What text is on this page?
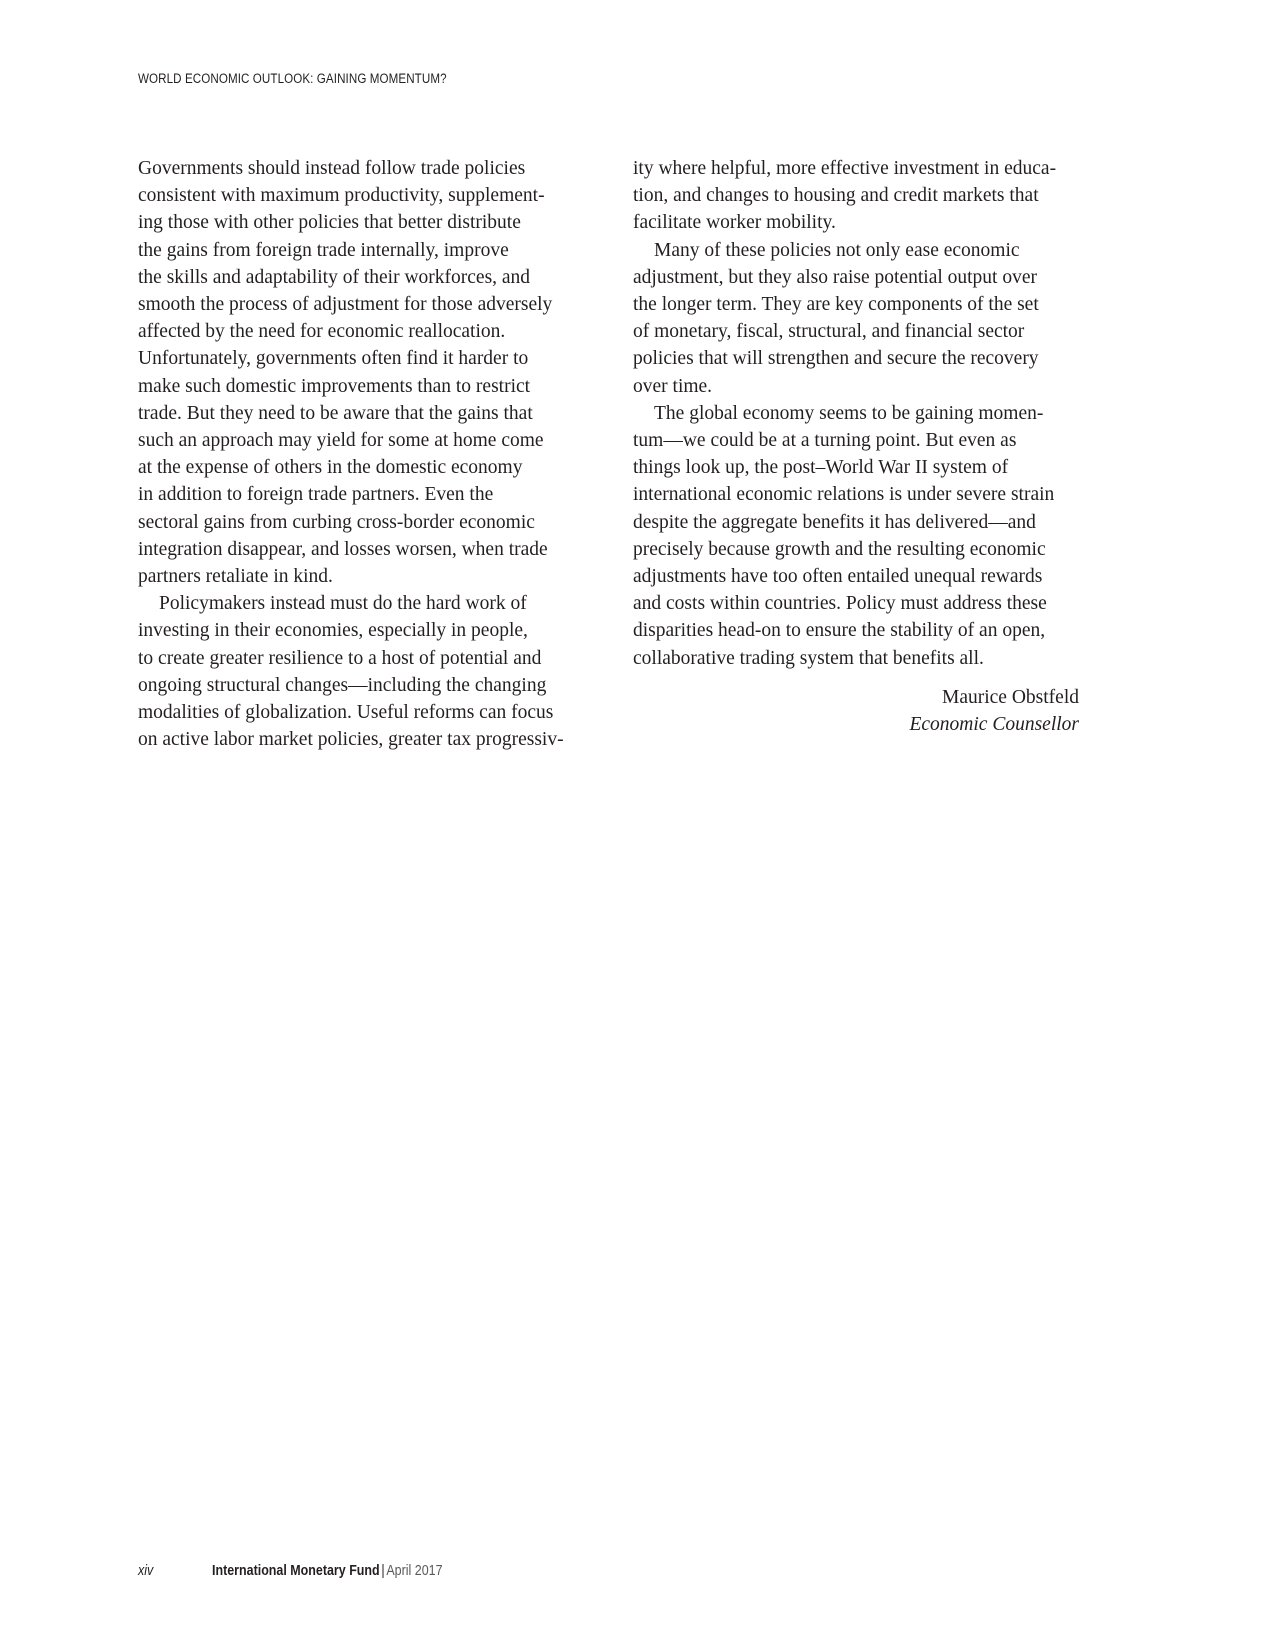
WORLD ECONOMIC OUTLOOK: GAINING MOMENTUM?
Governments should instead follow trade policies
consistent with maximum productivity, supplement-
ing those with other policies that better distribute
the gains from foreign trade internally, improve
the skills and adaptability of their workforces, and
smooth the process of adjustment for those adversely
affected by the need for economic reallocation.
Unfortunately, governments often find it harder to
make such domestic improvements than to restrict
trade. But they need to be aware that the gains that
such an approach may yield for some at home come
at the expense of others in the domestic economy
in addition to foreign trade partners. Even the
sectoral gains from curbing cross-border economic
integration disappear, and losses worsen, when trade
partners retaliate in kind.
Policymakers instead must do the hard work of
investing in their economies, especially in people,
to create greater resilience to a host of potential and
ongoing structural changes—including the changing
modalities of globalization. Useful reforms can focus
on active labor market policies, greater tax progressiv-
ity where helpful, more effective investment in educa-
tion, and changes to housing and credit markets that
facilitate worker mobility.
Many of these policies not only ease economic
adjustment, but they also raise potential output over
the longer term. They are key components of the set
of monetary, fiscal, structural, and financial sector
policies that will strengthen and secure the recovery
over time.
The global economy seems to be gaining momen-
tum—we could be at a turning point. But even as
things look up, the post–World War II system of
international economic relations is under severe strain
despite the aggregate benefits it has delivered—and
precisely because growth and the resulting economic
adjustments have too often entailed unequal rewards
and costs within countries. Policy must address these
disparities head-on to ensure the stability of an open,
collaborative trading system that benefits all.
Maurice Obstfeld
Economic Counsellor
xiv	International Monetary Fund | April 2017
